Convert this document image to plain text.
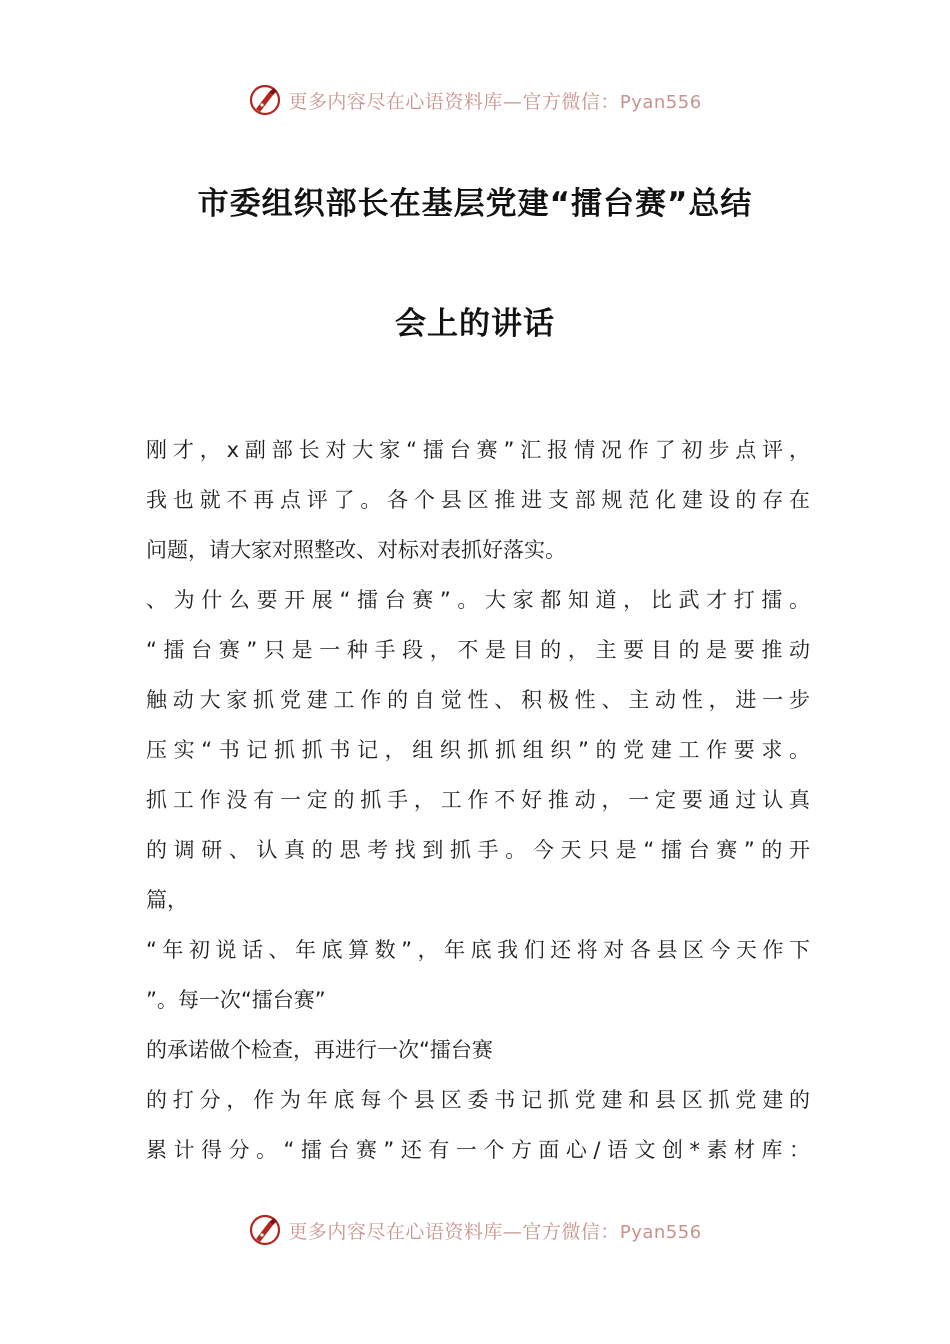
更多内容尽在心语资料库—官方微信：Pyan556
市委组织部长在基层党建“擂台赛”总结
会上的讲话
刚才，x副部长对大家“擂台赛”汇报情况作了初步点评，
我也就不再点评了。各个县区推进支部规范化建设的存在
问题，请大家对照整改、对标对表抓好落实。
、为什么要开展“擂台赛”。大家都知道，比武才打擂。
“擂台赛”只是一种手段，不是目的，主要目的是要推动
触动大家抓党建工作的自觉性、积极性、主动性，进一步
压实“书记抓抓书记，组织抓抓组织”的党建工作要求。
抓工作没有一定的抓手，工作不好推动，一定要通过认真
的调研、认真的思考找到抓手。今天只是“擂台赛”的开
篇，
“年初说话、年底算数”，年底我们还将对各县区今天作下
”。每一次“擂台赛”
的承诺做个检查，再进行一次“擂台赛
的打分，作为年底每个县区委书记抓党建和县区抓党建的
累计得分。“擂台赛”还有一个方面心/语文创*素材库：
更多内容尽在心语资料库—官方微信：Pyan556
